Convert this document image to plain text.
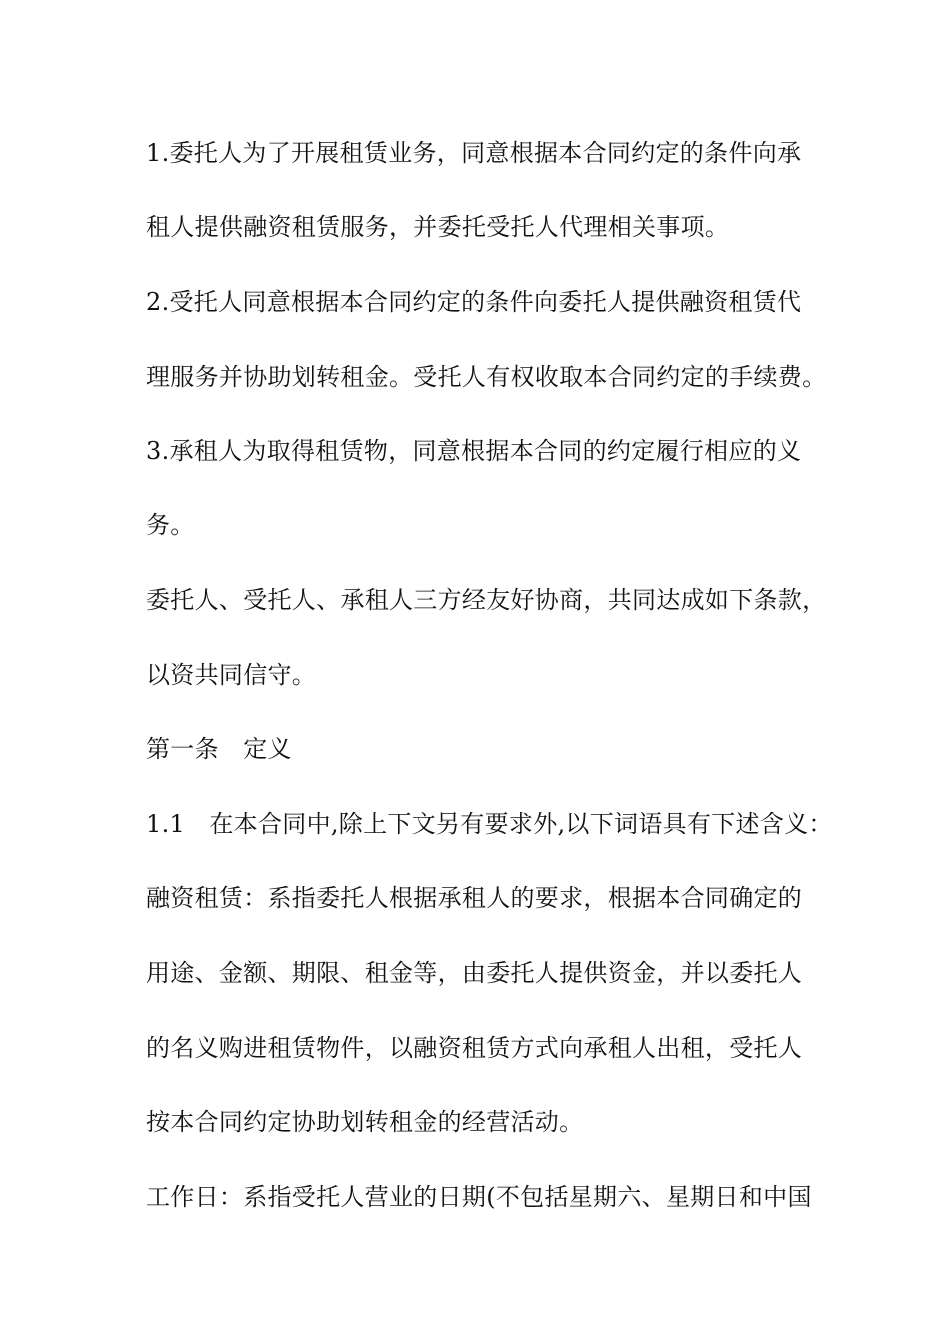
1.委托人为了开展租赁业务，同意根据本合同约定的条件向承
租人提供融资租赁服务，并委托受托人代理相关事项。
2.受托人同意根据本合同约定的条件向委托人提供融资租赁代
理服务并协助划转租金。受托人有权收取本合同约定的手续费。
3.承租人为取得租赁物，同意根据本合同的约定履行相应的义
务。
委托人、受托人、承租人三方经友好协商，共同达成如下条款，
以资共同信守。
第一条　定义
1.1　在本合同中,除上下文另有要求外,以下词语具有下述含义：
融资租赁：系指委托人根据承租人的要求，根据本合同确定的
用途、金额、期限、租金等，由委托人提供资金，并以委托人
的名义购进租赁物件，以融资租赁方式向承租人出租，受托人
按本合同约定协助划转租金的经营活动。
工作日：系指受托人营业的日期(不包括星期六、星期日和中国
